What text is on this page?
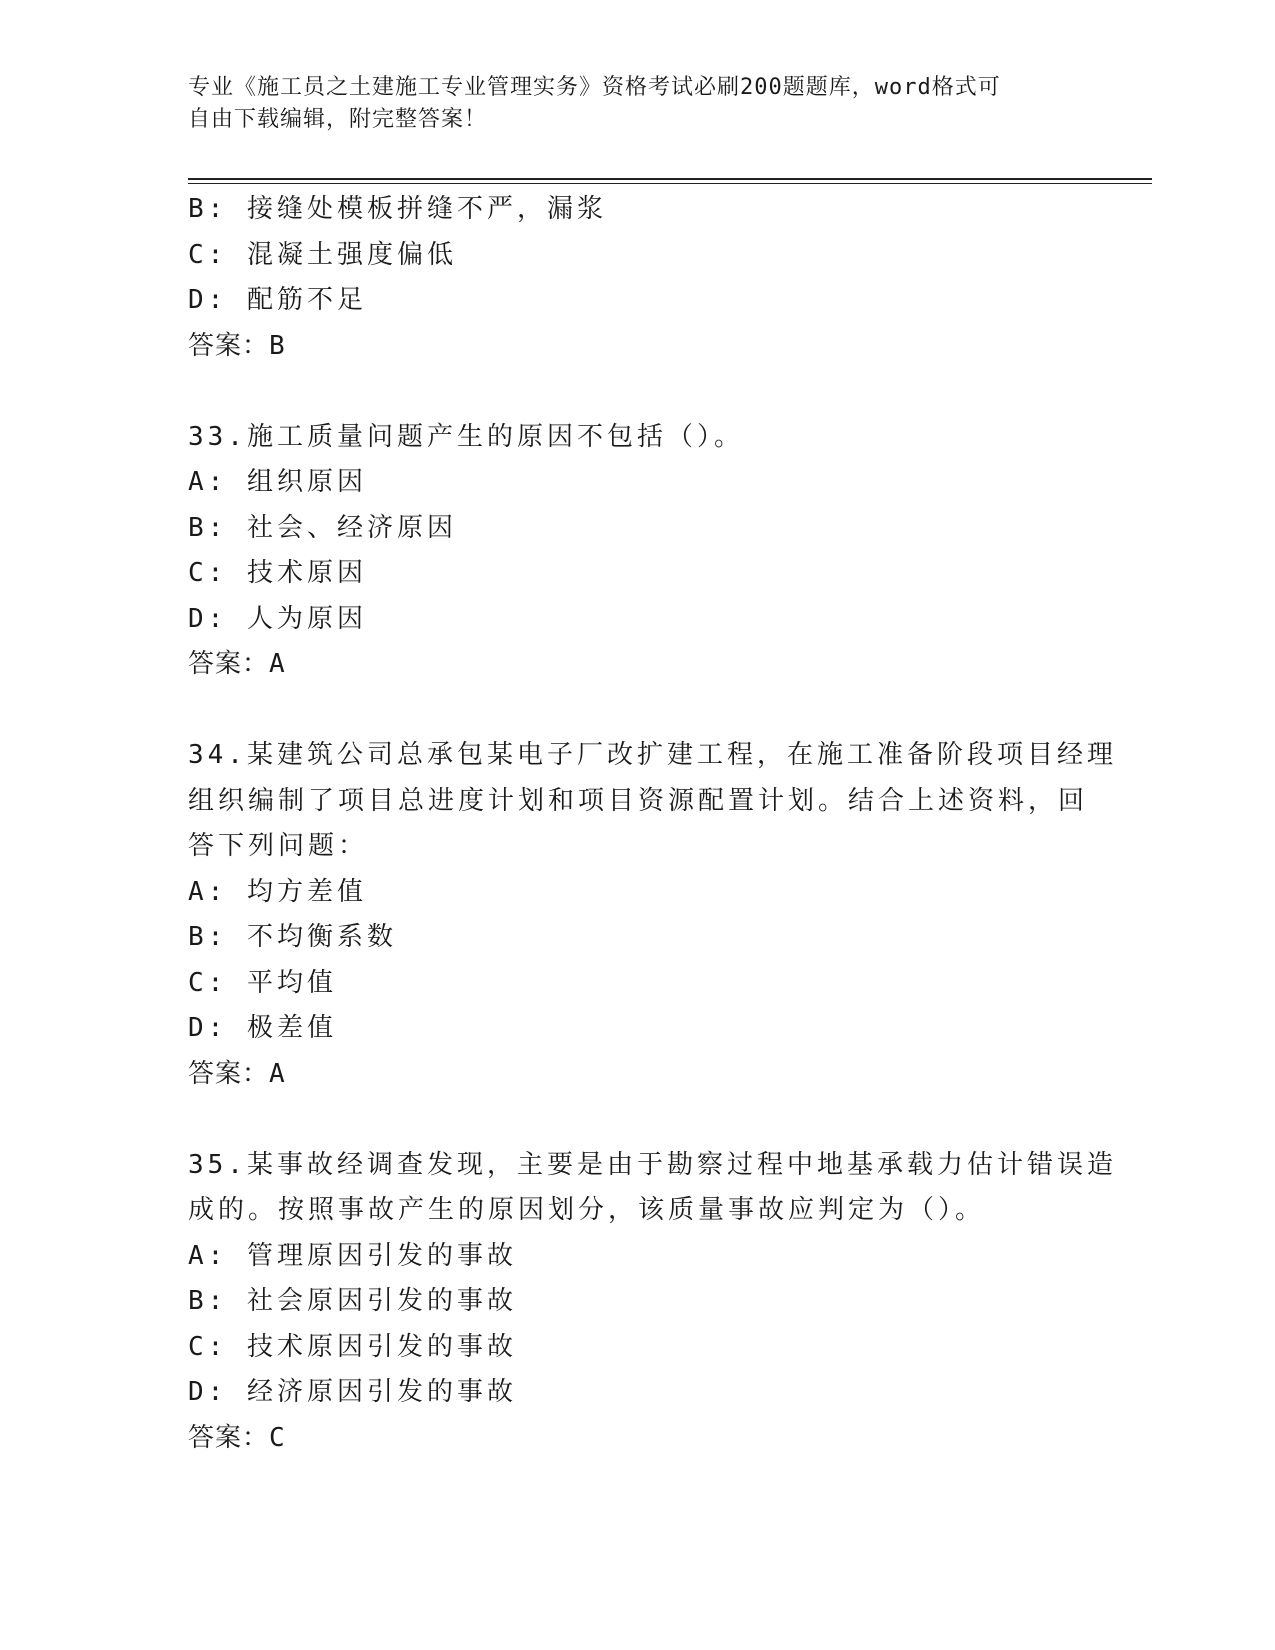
专业《施工员之土建施工专业管理实务》资格考试必刷200题题库，word格式可
自由下载编辑，附完整答案！
B: 接缝处模板拼缝不严，漏浆
C: 混凝土强度偏低
D: 配筋不足
答案：B
33.施工质量问题产生的原因不包括（）。
A: 组织原因
B: 社会、经济原因
C: 技术原因
D: 人为原因
答案：A
34.某建筑公司总承包某电子厂改扩建工程，在施工准备阶段项目经理
组织编制了项目总进度计划和项目资源配置计划。结合上述资料，回
答下列问题：
A: 均方差值
B: 不均衡系数
C: 平均值
D: 极差值
答案：A
35.某事故经调查发现，主要是由于勘察过程中地基承载力估计错误造
成的。按照事故产生的原因划分，该质量事故应判定为（）。
A: 管理原因引发的事故
B: 社会原因引发的事故
C: 技术原因引发的事故
D: 经济原因引发的事故
答案：C
